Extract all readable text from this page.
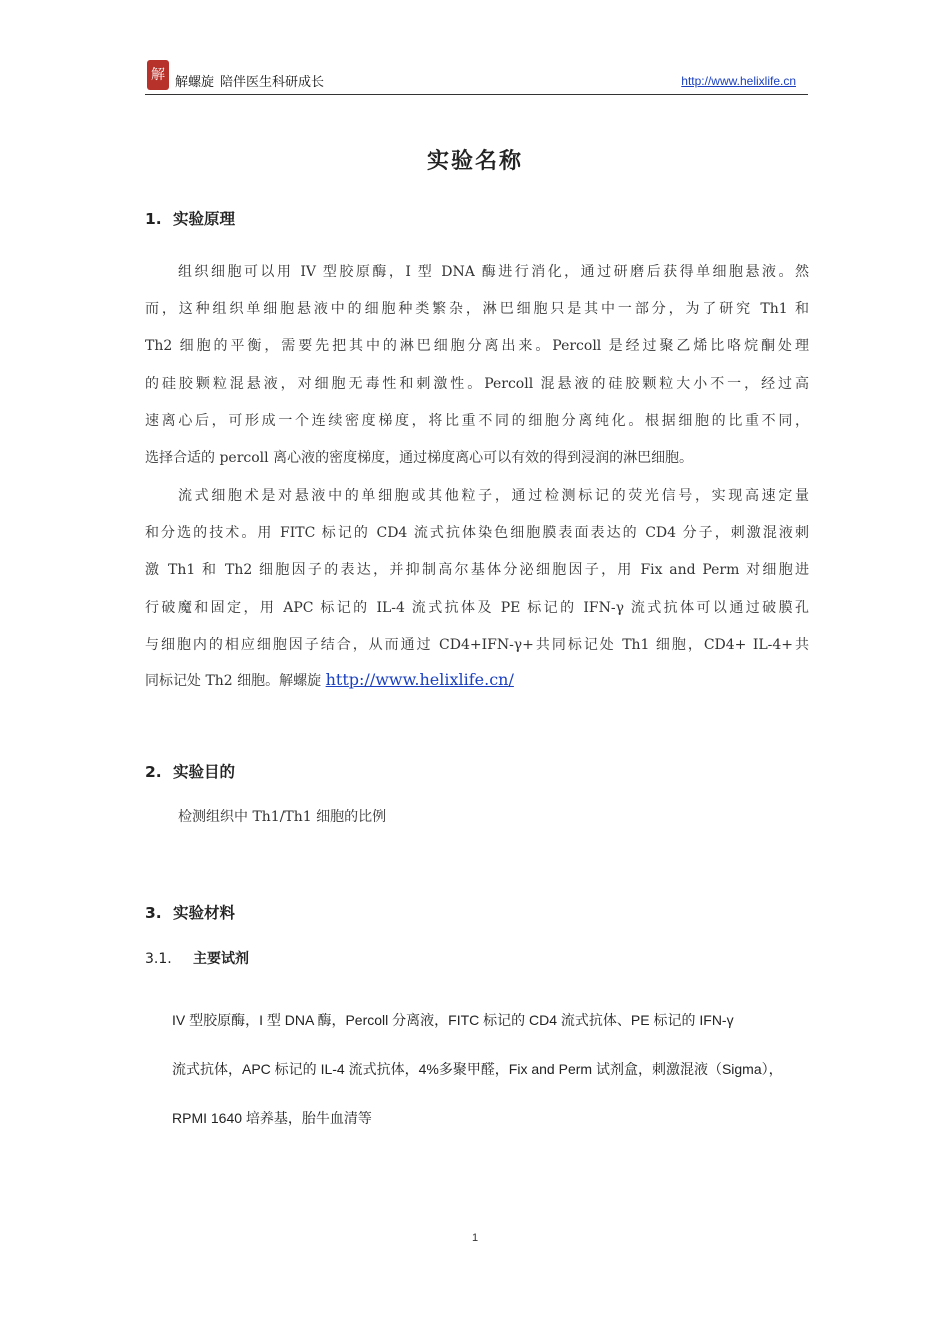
解 解螺旋 陪伴医生科研成长	http://www.helixlife.cn
实验名称
1. 实验原理
组织细胞可以用 IV 型胶原酶，I 型 DNA 酶进行消化，通过研磨后获得单细胞悬液。然
而，这种组织单细胞悬液中的细胞种类繁杂，淋巴细胞只是其中一部分，为了研究 Th1 和
Th2 细胞的平衡，需要先把其中的淋巴细胞分离出来。Percoll 是经过聚乙烯比咯烷酮处理
的硅胶颗粒混悬液，对细胞无毒性和刺激性。Percoll 混悬液的硅胶颗粒大小不一，经过高
速离心后，可形成一个连续密度梯度，将比重不同的细胞分离纯化。根据细胞的比重不同，
选择合适的 percoll 离心液的密度梯度，通过梯度离心可以有效的得到浸润的淋巴细胞。
流式细胞术是对悬液中的单细胞或其他粒子，通过检测标记的荧光信号，实现高速定量
和分选的技术。用 FITC 标记的 CD4 流式抗体染色细胞膜表面表达的 CD4 分子，刺激混液刺
激 Th1 和 Th2 细胞因子的表达，并抑制高尔基体分泌细胞因子，用 Fix and Perm 对细胞进
行破魔和固定，用 APC 标记的 IL-4 流式抗体及 PE 标记的 IFN-γ 流式抗体可以通过破膜孔
与细胞内的相应细胞因子结合，从而通过 CD4+IFN-γ+共同标记处 Th1 细胞，CD4+ IL-4+共
同标记处 Th2 细胞。解螺旋 http://www.helixlife.cn/
2. 实验目的
检测组织中 Th1/Th1 细胞的比例
3. 实验材料
3.1. 主要试剂
IV 型胶原酶，I 型 DNA 酶，Percoll 分离液，FITC 标记的 CD4 流式抗体、PE 标记的 IFN-γ
流式抗体，APC 标记的 IL-4 流式抗体，4%多聚甲醛，Fix and Perm 试剂盒，刺激混液（Sigma），
RPMI 1640 培养基，胎牛血清等
1
